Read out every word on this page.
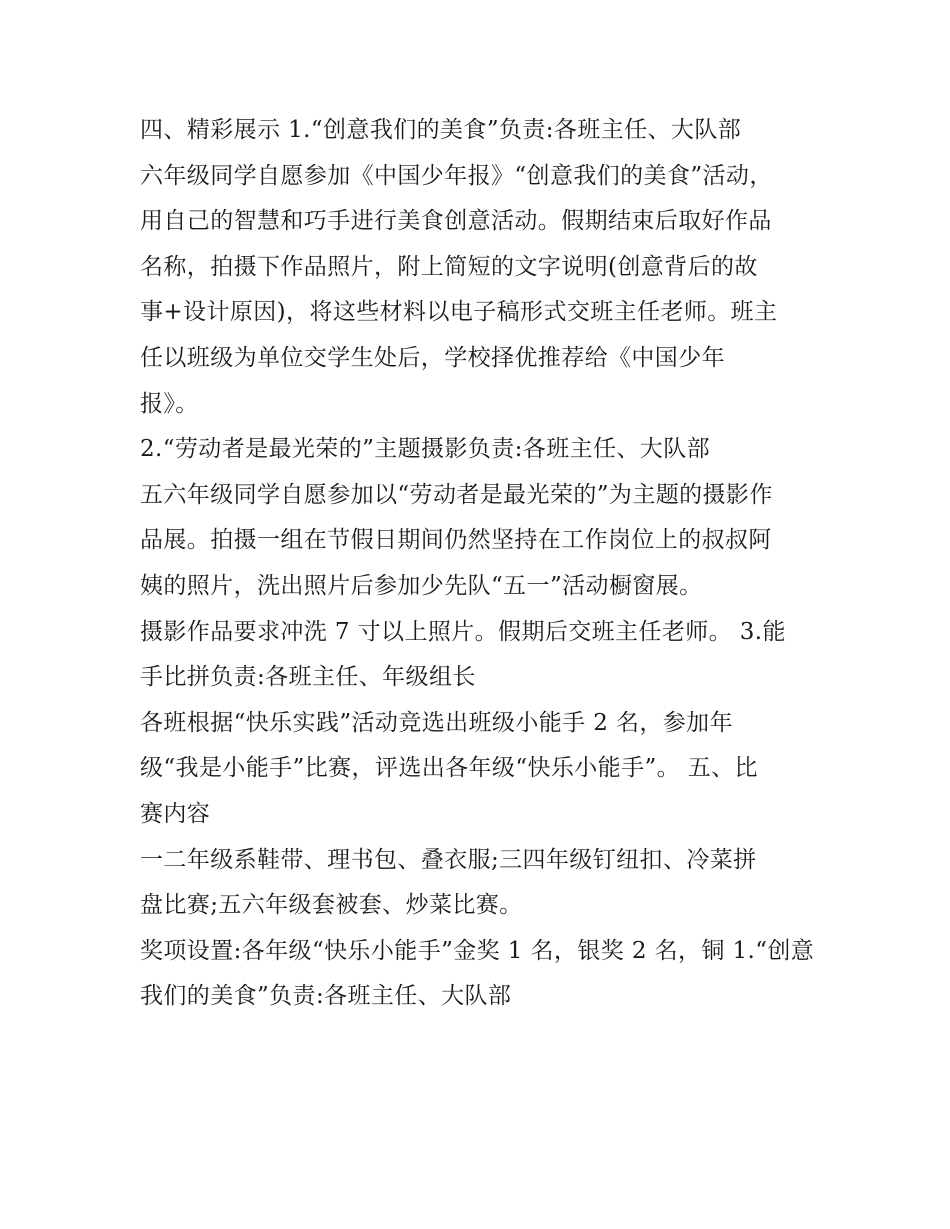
四、精彩展示 1.“创意我们的美食”负责:各班主任、大队部
六年级同学自愿参加《中国少年报》“创意我们的美食”活动，
用自己的智慧和巧手进行美食创意活动。假期结束后取好作品
名称，拍摄下作品照片，附上简短的文字说明(创意背后的故
事+设计原因)，将这些材料以电子稿形式交班主任老师。班主
任以班级为单位交学生处后，学校择优推荐给《中国少年
报》。
2.“劳动者是最光荣的”主题摄影负责:各班主任、大队部
五六年级同学自愿参加以“劳动者是最光荣的”为主题的摄影作
品展。拍摄一组在节假日期间仍然坚持在工作岗位上的叔叔阿
姨的照片，洗出照片后参加少先队“五一”活动橱窗展。
摄影作品要求冲洗 7 寸以上照片。假期后交班主任老师。 3.能
手比拼负责:各班主任、年级组长
各班根据“快乐实践”活动竞选出班级小能手 2 名，参加年
级“我是小能手”比赛，评选出各年级“快乐小能手”。 五、比
赛内容
一二年级系鞋带、理书包、叠衣服;三四年级钉纽扣、冷菜拼
盘比赛;五六年级套被套、炒菜比赛。
奖项设置:各年级“快乐小能手”金奖 1 名，银奖 2 名，铜 1.“创意
我们的美食”负责:各班主任、大队部
